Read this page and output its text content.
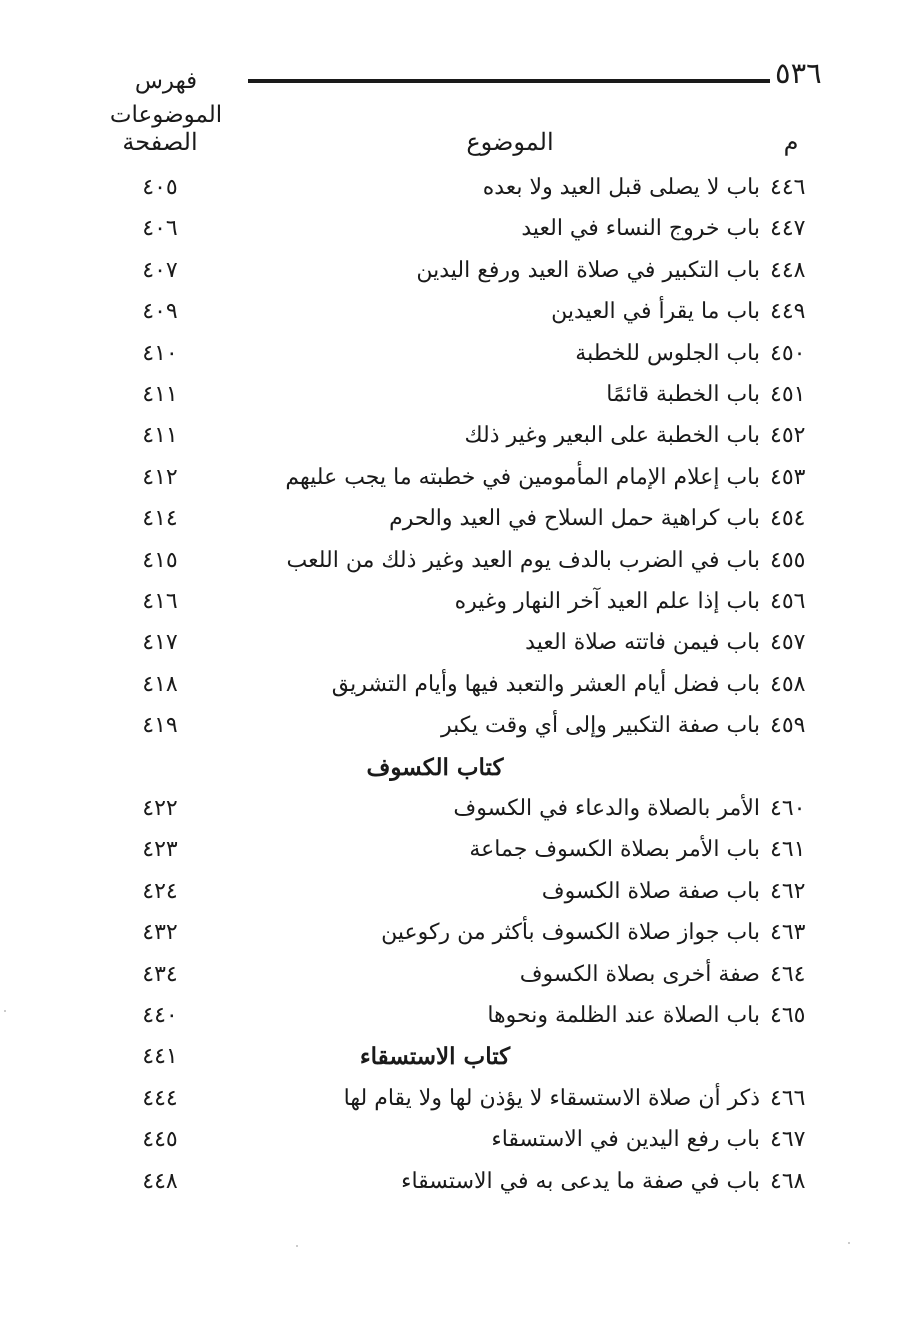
٥٣٦
فهرس الموضوعات
م
الموضوع
الصفحة
٤٤٦
باب لا يصلى قبل العيد ولا بعده
٤٠٥
٤٤٧
باب خروج النساء في العيد
٤٠٦
٤٤٨
باب التكبير في صلاة العيد ورفع اليدين
٤٠٧
٤٤٩
باب ما يقرأ في العيدين
٤٠٩
٤٥٠
باب الجلوس للخطبة
٤١٠
٤٥١
باب الخطبة قائمًا
٤١١
٤٥٢
باب الخطبة على البعير وغير ذلك
٤١١
٤٥٣
باب إعلام الإمام المأمومين في خطبته ما يجب عليهم
٤١٢
٤٥٤
باب كراهية حمل السلاح في العيد والحرم
٤١٤
٤٥٥
باب في الضرب بالدف يوم العيد وغير ذلك من اللعب
٤١٥
٤٥٦
باب إذا علم العيد آخر النهار وغيره
٤١٦
٤٥٧
باب فيمن فاتته صلاة العيد
٤١٧
٤٥٨
باب فضل أيام العشر والتعبد فيها وأيام التشريق
٤١٨
٤٥٩
باب صفة التكبير وإلى أي وقت يكبر
٤١٩
كتاب الكسوف
٤٦٠
الأمر بالصلاة والدعاء في الكسوف
٤٢٢
٤٦١
باب الأمر بصلاة الكسوف جماعة
٤٢٣
٤٦٢
باب صفة صلاة الكسوف
٤٢٤
٤٦٣
باب جواز صلاة الكسوف بأكثر من ركوعين
٤٣٢
٤٦٤
صفة أخرى بصلاة الكسوف
٤٣٤
٤٦٥
باب الصلاة عند الظلمة ونحوها
٤٤٠
كتاب الاستسقاء
٤٤١
٤٦٦
ذكر أن صلاة الاستسقاء لا يؤذن لها ولا يقام لها
٤٤٤
٤٦٧
باب رفع اليدين في الاستسقاء
٤٤٥
٤٦٨
باب في صفة ما يدعى به في الاستسقاء
٤٤٨
